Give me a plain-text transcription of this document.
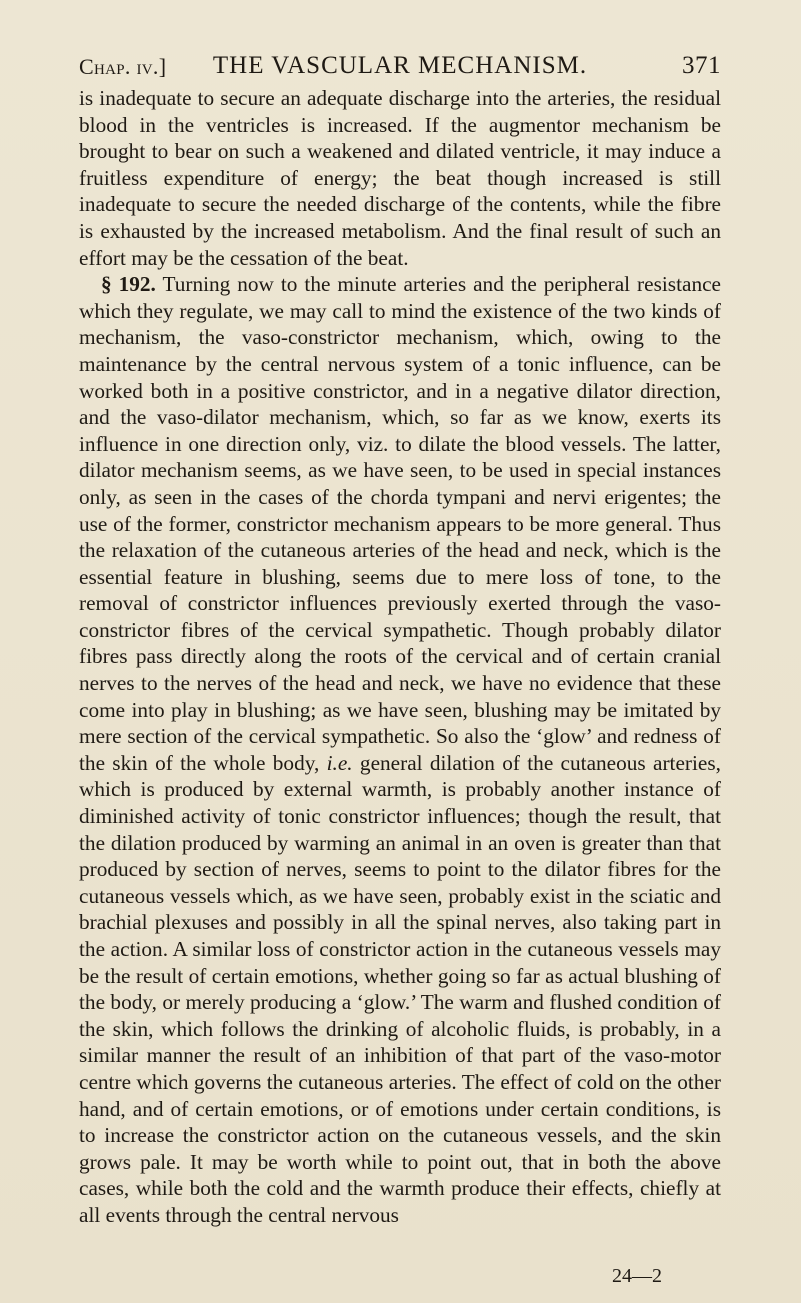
Chap. iv.]	THE VASCULAR MECHANISM.	371

is inadequate to secure an adequate discharge into the arteries, the residual blood in the ventricles is increased. If the augmentor mechanism be brought to bear on such a weakened and dilated ventricle, it may induce a fruitless expenditure of energy; the beat though increased is still inadequate to secure the needed discharge of the contents, while the fibre is exhausted by the increased metabolism. And the final result of such an effort may be the cessation of the beat.

§ 192. Turning now to the minute arteries and the peripheral resistance which they regulate, we may call to mind the existence of the two kinds of mechanism, the vaso-constrictor mechanism, which, owing to the maintenance by the central nervous system of a tonic influence, can be worked both in a positive constrictor, and in a negative dilator direction, and the vaso-dilator mechanism, which, so far as we know, exerts its influence in one direction only, viz. to dilate the blood vessels. The latter, dilator mechanism seems, as we have seen, to be used in special instances only, as seen in the cases of the chorda tympani and nervi erigentes; the use of the former, constrictor mechanism appears to be more general. Thus the relaxation of the cutaneous arteries of the head and neck, which is the essential feature in blushing, seems due to mere loss of tone, to the removal of constrictor influences previously exerted through the vaso-constrictor fibres of the cervical sympathetic. Though probably dilator fibres pass directly along the roots of the cervical and of certain cranial nerves to the nerves of the head and neck, we have no evidence that these come into play in blushing; as we have seen, blushing may be imitated by mere section of the cervical sympathetic. So also the ‘glow’ and redness of the skin of the whole body, i.e. general dilation of the cutaneous arteries, which is produced by external warmth, is probably another instance of diminished activity of tonic constrictor influences; though the result, that the dilation produced by warming an animal in an oven is greater than that produced by section of nerves, seems to point to the dilator fibres for the cutaneous vessels which, as we have seen, probably exist in the sciatic and brachial plexuses and possibly in all the spinal nerves, also taking part in the action. A similar loss of constrictor action in the cutaneous vessels may be the result of certain emotions, whether going so far as actual blushing of the body, or merely producing a ‘glow.’ The warm and flushed condition of the skin, which follows the drinking of alcoholic fluids, is probably, in a similar manner the result of an inhibition of that part of the vaso-motor centre which governs the cutaneous arteries. The effect of cold on the other hand, and of certain emotions, or of emotions under certain conditions, is to increase the constrictor action on the cutaneous vessels, and the skin grows pale. It may be worth while to point out, that in both the above cases, while both the cold and the warmth produce their effects, chiefly at all events through the central nervous

24—2
